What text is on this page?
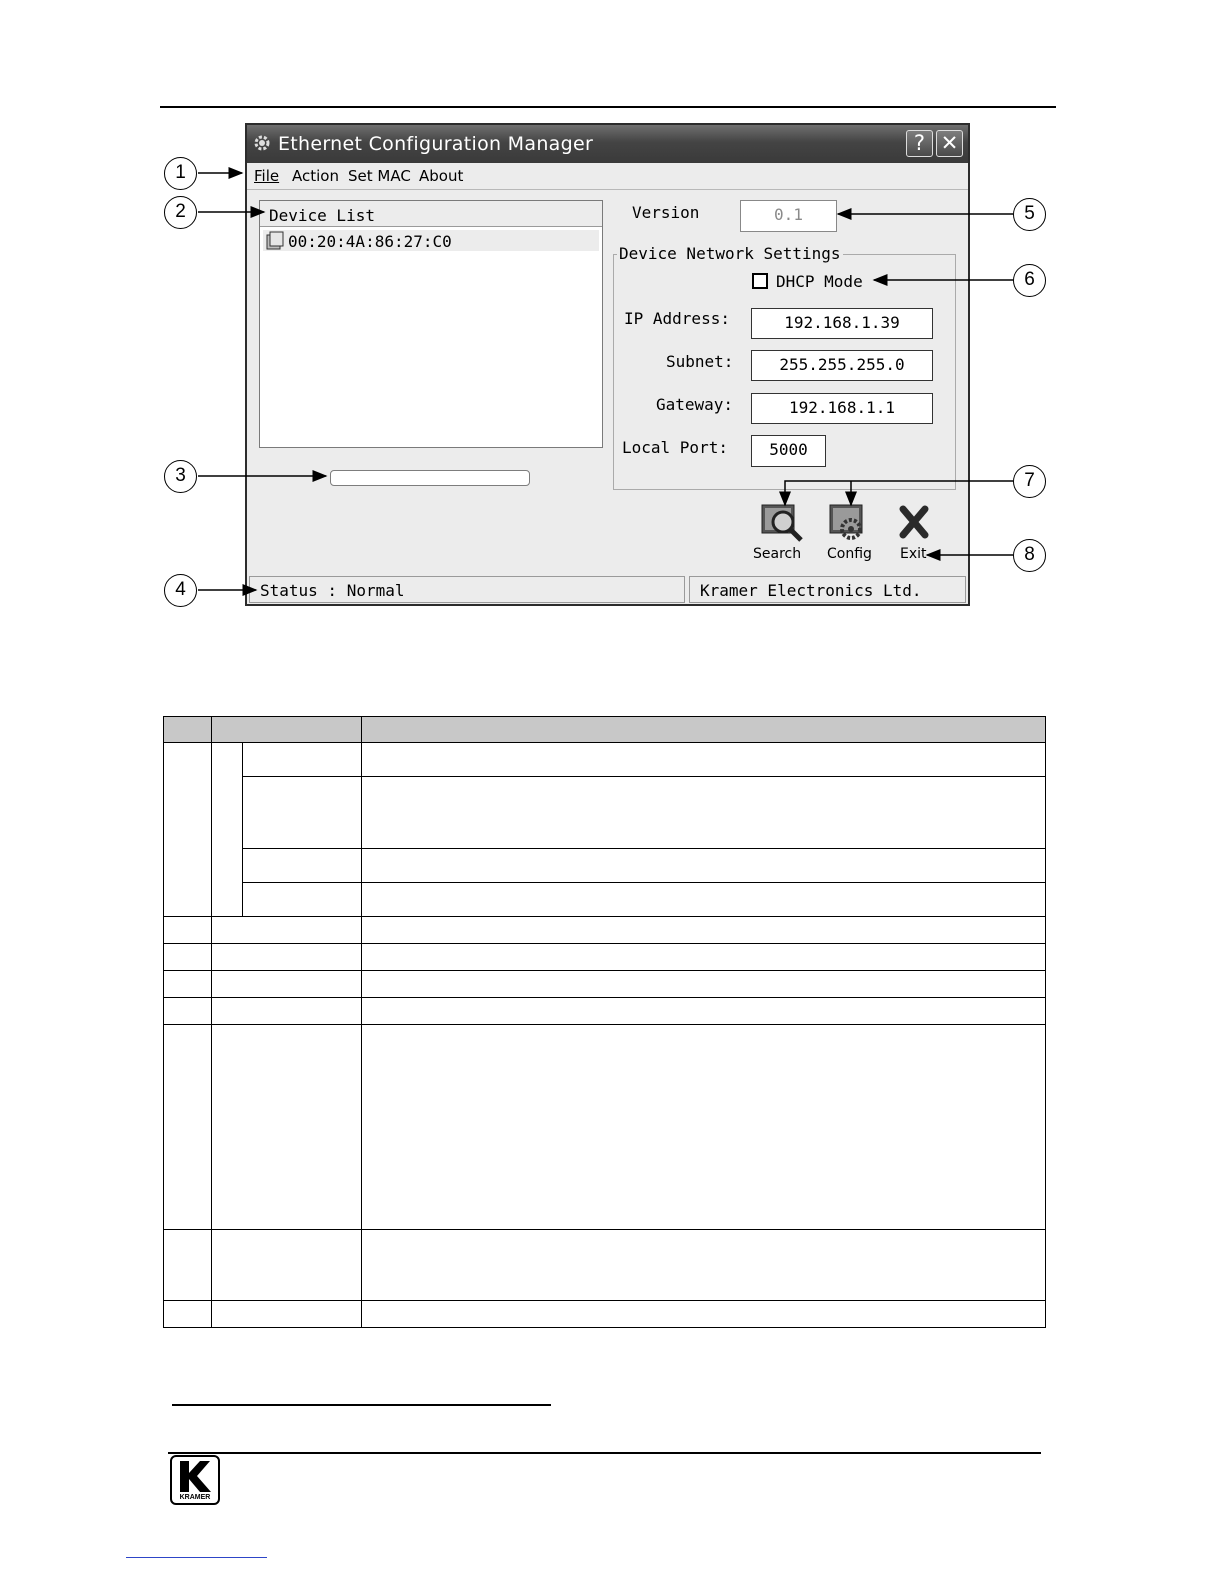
Ethernet Configuration Manager	? ✕
File Action Set MAC About
Device List
00:20:4A:86:27:C0
Version	0.1
Device Network Settings
DHCP Mode
IP Address:	192.168.1.39
Subnet:	255.255.255.0
Gateway:	192.168.1.1
Local Port:	5000
Search Config Exit
Status : Normal	Kramer Electronics Ltd.
1
2
3
4
5
6
7
8

KRAMER
